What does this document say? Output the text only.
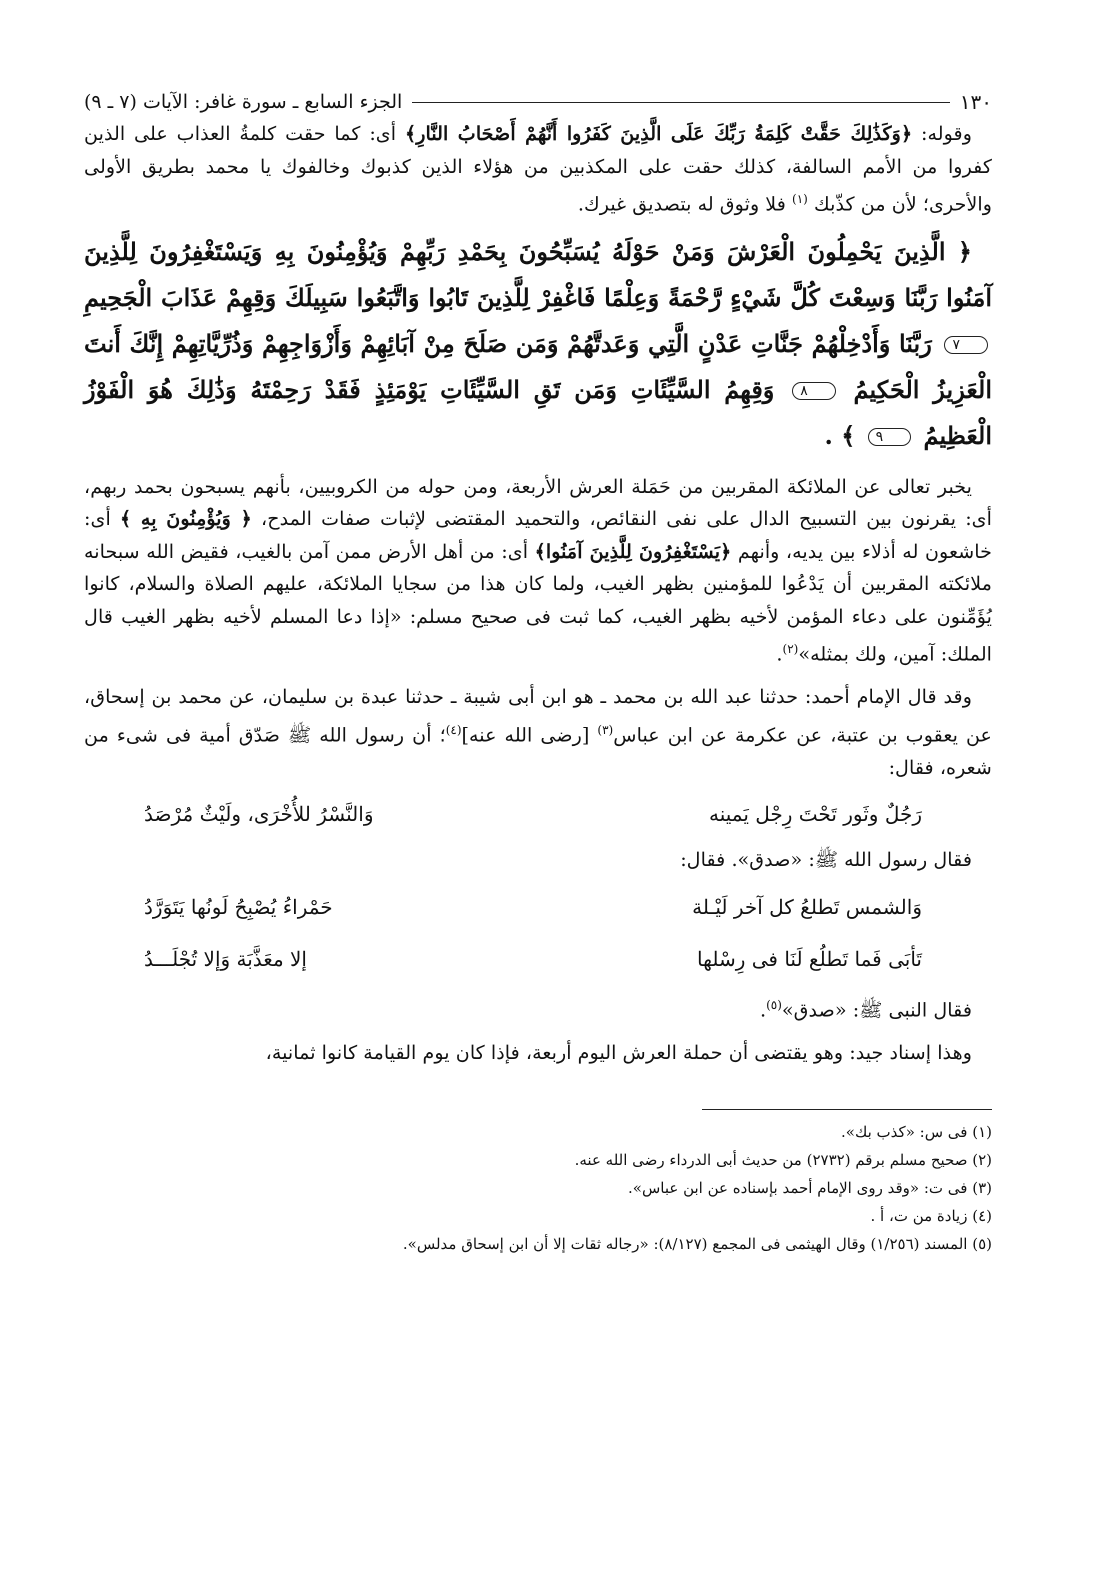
١٣٠
الجزء السابع ـ سورة غافر: الآيات (٧ ـ ٩)

وقوله: ﴿وَكَذَٰلِكَ حَقَّتْ كَلِمَةُ رَبِّكَ عَلَى الَّذِينَ كَفَرُوا أَنَّهُمْ أَصْحَابُ النَّارِ﴾ أى: كما حقت كلمةُ العذاب على الذين كفروا من الأمم السالفة، كذلك حقت على المكذبين من هؤلاء الذين كذبوك وخالفوك يا محمد بطريق الأولى والأحرى؛ لأن من كذّبك $^{(١)}$ فلا وثوق له بتصديق غيرك.

﴿ الَّذِينَ يَحْمِلُونَ الْعَرْشَ وَمَنْ حَوْلَهُ يُسَبِّحُونَ بِحَمْدِ رَبِّهِمْ وَيُؤْمِنُونَ بِهِ وَيَسْتَغْفِرُونَ لِلَّذِينَ آمَنُوا رَبَّنَا وَسِعْتَ كُلَّ شَيْءٍ رَّحْمَةً وَعِلْمًا فَاغْفِرْ لِلَّذِينَ تَابُوا وَاتَّبَعُوا سَبِيلَكَ وَقِهِمْ عَذَابَ الْجَحِيمِ ٧ رَبَّنَا وَأَدْخِلْهُمْ جَنَّاتِ عَدْنٍ الَّتِي وَعَدتَّهُمْ وَمَن صَلَحَ مِنْ آبَائِهِمْ وَأَزْوَاجِهِمْ وَذُرِّيَّاتِهِمْ إِنَّكَ أَنتَ الْعَزِيزُ الْحَكِيمُ ٨ وَقِهِمُ السَّيِّئَاتِ وَمَن تَقِ السَّيِّئَاتِ يَوْمَئِذٍ فَقَدْ رَحِمْتَهُ وَذَٰلِكَ هُوَ الْفَوْزُ الْعَظِيمُ ٩ ﴾ .

يخبر تعالى عن الملائكة المقربين من حَمَلة العرش الأربعة، ومن حوله من الكروبيين، بأنهم يسبحون بحمد ربهم، أى: يقرنون بين التسبيح الدال على نفى النقائص، والتحميد المقتضى لإثبات صفات المدح، ﴿ وَيُؤْمِنُونَ بِهِ ﴾ أى: خاشعون له أذلاء بين يديه، وأنهم ﴿يَسْتَغْفِرُونَ لِلَّذِينَ آمَنُوا﴾ أى: من أهل الأرض ممن آمن بالغيب، فقيض الله سبحانه ملائكته المقربين أن يَدْعُوا للمؤمنين بظهر الغيب، ولما كان هذا من سجايا الملائكة، عليهم الصلاة والسلام، كانوا يُؤَمِّنون على دعاء المؤمن لأخيه بظهر الغيب، كما ثبت فى صحيح مسلم: «إذا دعا المسلم لأخيه بظهر الغيب قال الملك: آمين، ولك بمثله»$^{(٢)}$.

وقد قال الإمام أحمد: حدثنا عبد الله بن محمد ـ هو ابن أبى شيبة ـ حدثنا عبدة بن سليمان، عن محمد بن إسحاق، عن يعقوب بن عتبة، عن عكرمة عن ابن عباس$^{(٣)}$ [رضى الله عنه]$^{(٤)}$؛ أن رسول الله ﷺ صَدّق أمية فى شىء من شعره، فقال:

رَجُلٌ وثَور تَحْتَ رِجْل يَمينه
وَالنَّسْرُ للأُخْرَى، ولَيْثٌ مُرْصَدُ

فقال رسول الله ﷺ: «صدق». فقال:

وَالشمس تَطلعُ كل آخر لَيْـلة
حَمْراءُ يُصْبِحُ لَونُها يَتَوَرَّدُ
تَأبَى فَما تَطلُع لَنَا فى رِسْلها
إلا معَذَّبَة وَإلا تُجْلَـــدُ

فقال النبى ﷺ: «صدق»$^{(٥)}$.

وهذا إسناد جيد: وهو يقتضى أن حملة العرش اليوم أربعة، فإذا كان يوم القيامة كانوا ثمانية،

(١) فى س: «كذب بك».
(٢) صحيح مسلم برقم (٢٧٣٢) من حديث أبى الدرداء رضى الله عنه.
(٣) فى ت: «وقد روى الإمام أحمد بإسناده عن ابن عباس».
(٤) زيادة من ت، أ .
(٥) المسند (١/٢٥٦) وقال الهيثمى فى المجمع (٨/١٢٧): «رجاله ثقات إلا أن ابن إسحاق مدلس».
